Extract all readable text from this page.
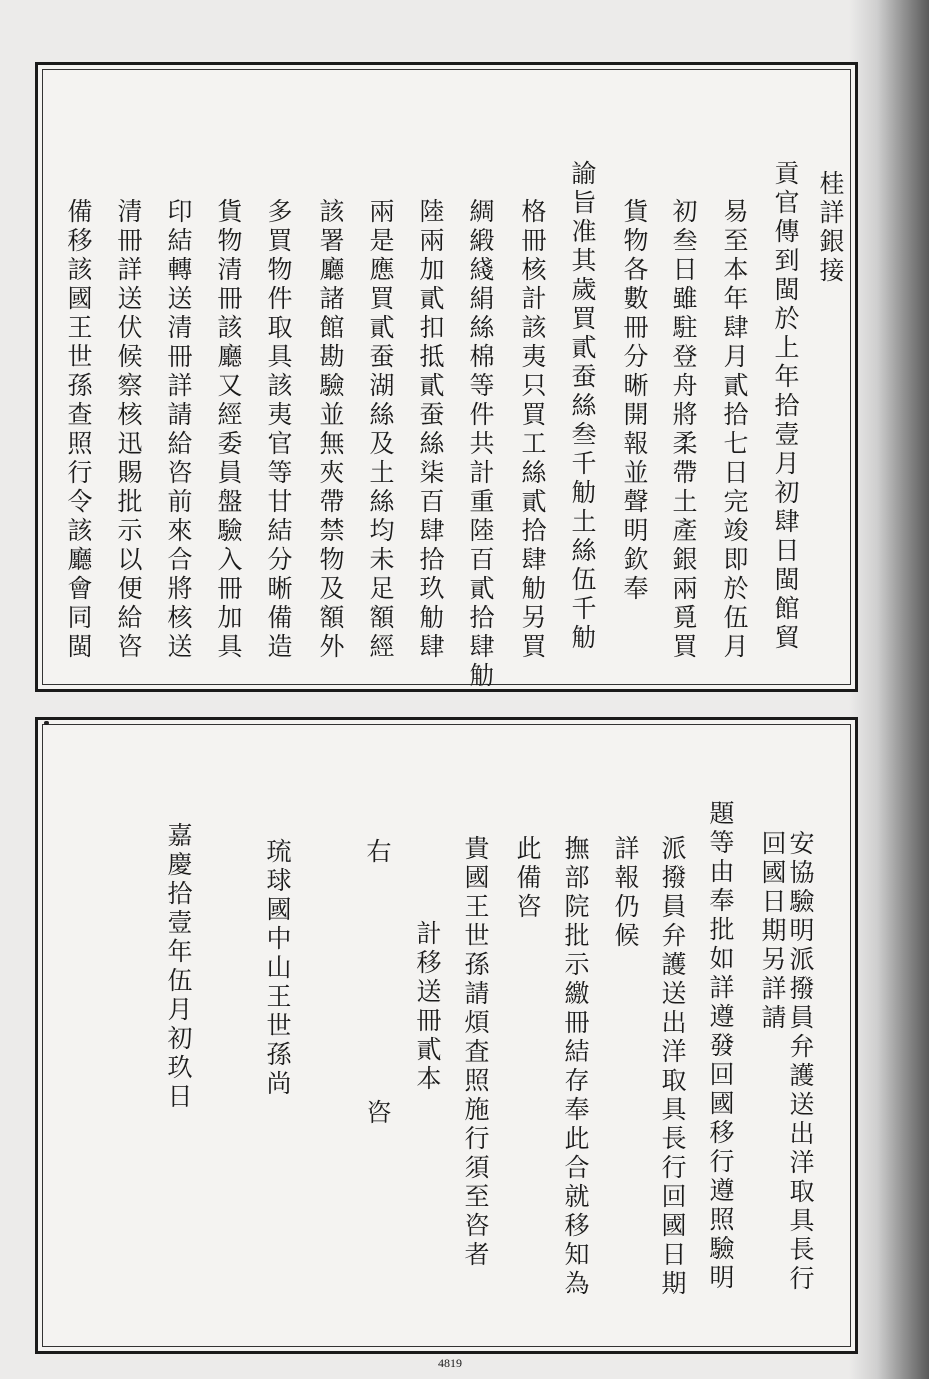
桂詳銀接
貢官傳到閩於上年拾壹月初肆日閩館貿
易至本年肆月貳拾七日完竣即於伍月
初叁日雖駐登舟將柔帶土產銀兩覓買
貨物各數冊分晰開報並聲明欽奉
諭旨准其歲買貳蚕絲叁千觔土絲伍千觔
格冊核計該夷只買工絲貳拾肆觔另買
綢緞綫絹絲棉等件共計重陸百貳拾肆觔
陸兩加貳扣抵貳蚕絲柒百肆拾玖觔肆
兩是應買貳蚕湖絲及土絲均未足額經
該署廳諸館勘驗並無夾帶禁物及額外
多買物件取具該夷官等甘結分晰備造
貨物清冊該廳又經委員盤驗入冊加具
印結轉送清冊詳請給咨前來合將核送
清冊詳送伏候察核迅賜批示以便給咨
備移該國王世孫查照行令該廳會同閩
安協驗明派撥員弁護送出洋取具長行
回國日期另詳請
題等由奉批如詳遵發回國移行遵照驗明
派撥員弁護送出洋取具長行回國日期
詳報仍候
撫部院批示繳冊結存奉此合就移知為
此備咨
貴國王世孫請煩査照施行須至咨者
計移送冊貳本
右　　　　　　　　咨
琉球國中山王世孫尚
嘉慶拾壹年伍月初玖日
4819
